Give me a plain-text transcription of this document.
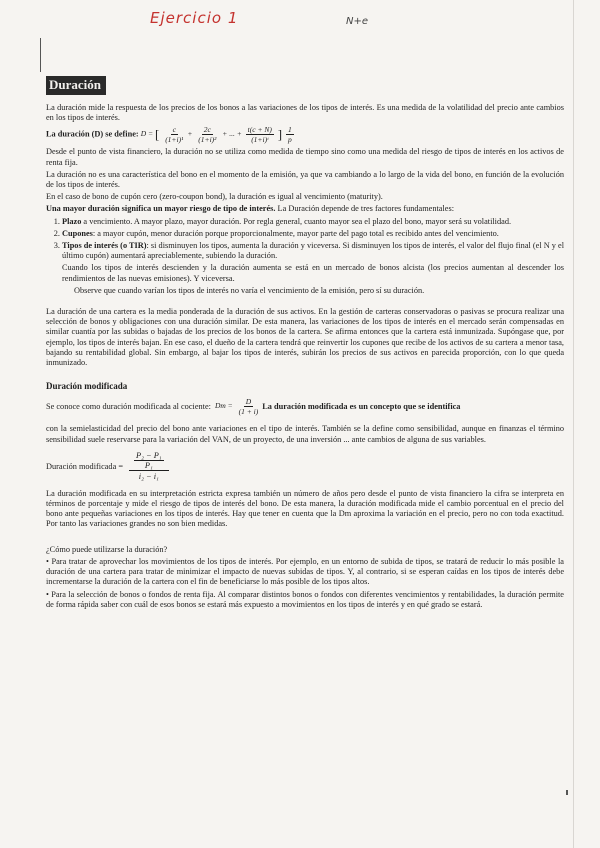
Ejercicio 1	N+e
Duración

La duración mide la respuesta de los precios de los bonos a las variaciones de los tipos de interés. Es una medida de la volatilidad del precio ante cambios en los tipos de interés.

La duración (D) se define: D = [ $\frac{c}{\text{(1+i)¹}} + \frac{2c}{\text{(1+i)²}}$ + ... + $\frac{t(c + N)}{\text{(1+i)ᵗ}}$ ] $\frac{1}{p}$

Desde el punto de vista financiero, la duración no se utiliza como medida de tiempo sino como una medida del riesgo de tipos de interés en los activos de renta fija.

La duración no es una característica del bono en el momento de la emisión, ya que va cambiando a lo largo de la vida del bono, en función de la evolución de los tipos de interés.

En el caso de bono de cupón cero (zero-coupon bond), la duración es igual al vencimiento (maturity).

Una mayor duración significa un mayor riesgo de tipo de interés. La Duración depende de tres factores fundamentales:

1. Plazo a vencimiento. A mayor plazo, mayor duración. Por regla general, cuanto mayor sea el plazo del bono, mayor será su volatilidad.
2. Cupones: a mayor cupón, menor duración porque proporcionalmente, mayor parte del pago total es recibido antes del vencimiento.
3. Tipos de interés (o TIR): si disminuyen los tipos, aumenta la duración y viceversa. Si disminuyen los tipos de interés, el valor del flujo final (el N y el último cupón) aumentará apreciablemente, subiendo la duración.

Cuando los tipos de interés descienden y la duración aumenta se está en un mercado de bonos alcista (los precios aumentan al descender los rendimientos de las nuevas emisiones). Y viceversa.

Observe que cuando varían los tipos de interés no varía el vencimiento de la emisión, pero sí su duración.

La duración de una cartera es la media ponderada de la duración de sus activos. En la gestión de carteras conservadoras o pasivas se procura realizar una selección de bonos y obligaciones con una duración similar. De esta manera, las variaciones de los tipos de interés en el mercado serán compensadas en similar cuantía por las subidas o bajadas de los precios de los bonos de la cartera. Se afirma entonces que la cartera está inmunizada. Supóngase que, por ejemplo, los tipos de interés bajan. En ese caso, el dueño de la cartera tendrá que reinvertir los cupones que recibe de los activos de su cartera a menor tasa, bajando su rentabilidad global. Sin embargo, al bajar los tipos de interés, subirán los precios de sus activos en parecida proporción, con lo que queda inmunizado.

Duración modificada
Se conoce como duración modificada al cociente: $Dm = \frac{D}{(1 + i)}$ La duración modificada es un concepto que se identifica

con la semielasticidad del precio del bono ante variaciones en el tipo de interés. También se la define como sensibilidad, aunque en finanzas el término sensibilidad suele reservarse para la variación del VAN, de un proyecto, de una inversión ... ante cambios de alguna de sus variables.

Duración modificada = $\frac{\frac{\text{P₂ − P₁}}{\text{P₁}}}{\text{i₂ − i₁}}$

La duración modificada en su interpretación estricta expresa también un número de años pero desde el punto de vista financiero la cifra se interpreta en términos de porcentaje y mide el riesgo de tipos de interés del bono. De esta manera, la duración modificada mide el cambio porcentual en el precio del bono ante pequeñas variaciones en los tipos de interés. Hay que tener en cuenta que la Dm aproxima la variación en el precio, pero no con toda exactitud. Por tanto las variaciones grandes no son bien medidas.

¿Cómo puede utilizarse la duración?

• Para tratar de aprovechar los movimientos de los tipos de interés. Por ejemplo, en un entorno de subida de tipos, se tratará de reducir lo más posible la duración de una cartera para tratar de minimizar el impacto de nuevas subidas de tipos. Y, al contrario, si se esperan caídas en los tipos de interés debe incrementarse la duración de la cartera con el fin de beneficiarse lo más posible de los tipos altos.

• Para la selección de bonos o fondos de renta fija. Al comparar distintos bonos o fondos con diferentes vencimientos y rentabilidades, la duración permite de forma rápida saber con cuál de esos bonos se estará más expuesto a movimientos en los tipos de interés y en qué grado se estará.
